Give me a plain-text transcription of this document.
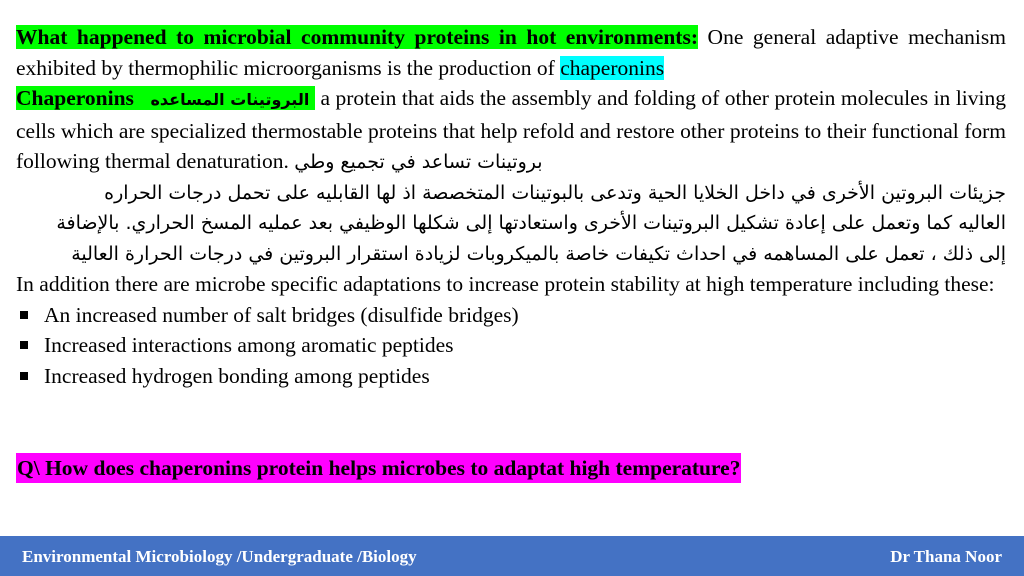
What happened to microbial community proteins in hot environments: One general adaptive mechanism exhibited by thermophilic microorganisms is the production of chaperonins
Chaperonins البروتينات المساعده  a protein that aids the assembly and folding of other protein molecules in living cells which are specialized thermostable proteins that help refold and restore other proteins to their functional form following thermal denaturation. بروتينات تساعد في تجميع وطي

جزيئات البروتين الأخرى في داخل الخلايا الحية وتدعى بالبوتينات المتخصصة اذ لها القابليه على تحمل درجات الحراره

العاليه كما وتعمل على إعادة تشكيل البروتينات الأخرى واستعادتها إلى شكلها الوظيفي بعد عمليه المسخ الحراري. بالإضافة

إلى ذلك ، تعمل على المساهمه في احداث تكيفات خاصة بالميكروبات لزيادة استقرار البروتين في درجات الحرارة العالية

In addition there are microbe specific adaptations to increase protein stability at high temperature including these:

An increased number of salt bridges (disulfide bridges)
Increased interactions among aromatic peptides
Increased hydrogen bonding among peptides
Q\ How does chaperonins protein helps microbes to adaptat high temperature?
Environmental Microbiology /Undergraduate /Biology	Dr Thana Noor
